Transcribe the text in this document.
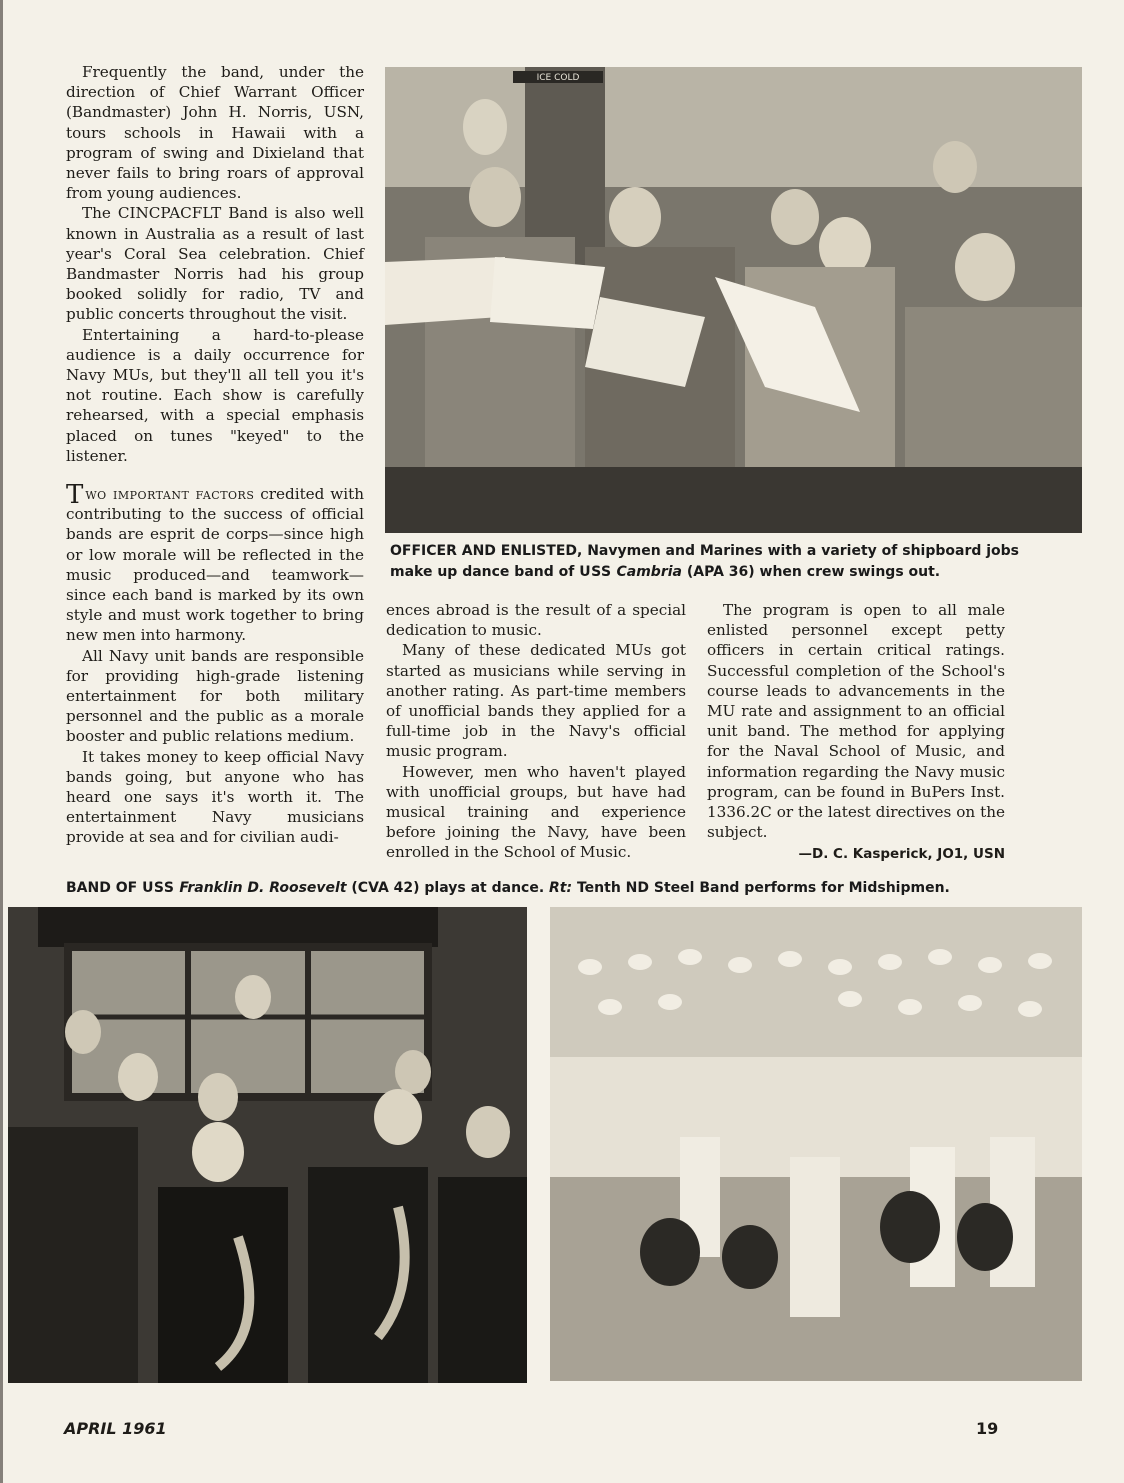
Frequently the band, under the direction of Chief Warrant Officer (Bandmaster) John H. Norris, USN, tours schools in Hawaii with a program of swing and Dixieland that never fails to bring roars of approval from young audiences.

The CINCPACFLT Band is also well known in Australia as a result of last year's Coral Sea celebration. Chief Bandmaster Norris had his group booked solidly for radio, TV and public concerts throughout the visit.

Entertaining a hard-to-please audience is a daily occurrence for Navy MUs, but they'll all tell you it's not routine. Each show is carefully rehearsed, with a special emphasis placed on tunes "keyed" to the listener.

Two important factors credited with contributing to the success of official bands are esprit de corps—since high or low morale will be reflected in the music produced—and teamwork—since each band is marked by its own style and must work together to bring new men into harmony.

All Navy unit bands are responsible for providing high-grade listening entertainment for both military personnel and the public as a morale booster and public relations medium.

It takes money to keep official Navy bands going, but anyone who has heard one says it's worth it. The entertainment Navy musicians provide at sea and for civilian audi-

ences abroad is the result of a special dedication to music.

Many of these dedicated MUs got started as musicians while serving in another rating. As part-time members of unofficial bands they applied for a full-time job in the Navy's official music program.

However, men who haven't played with unofficial groups, but have had musical training and experience before joining the Navy, have been enrolled in the School of Music.

The program is open to all male enlisted personnel except petty officers in certain critical ratings. Successful completion of the School's course leads to advancements in the MU rate and assignment to an official unit band. The method for applying for the Naval School of Music, and information regarding the Navy music program, can be found in BuPers Inst. 1336.2C or the latest directives on the subject.

—D. C. Kasperick, JO1, USN
ICE COLD
OFFICER AND ENLISTED, Navymen and Marines with a variety of shipboard jobs make up dance band of USS Cambria (APA 36) when crew swings out.
BAND OF USS Franklin D. Roosevelt (CVA 42) plays at dance. Rt: Tenth ND Steel Band performs for Midshipmen.
APRIL 1961	19
